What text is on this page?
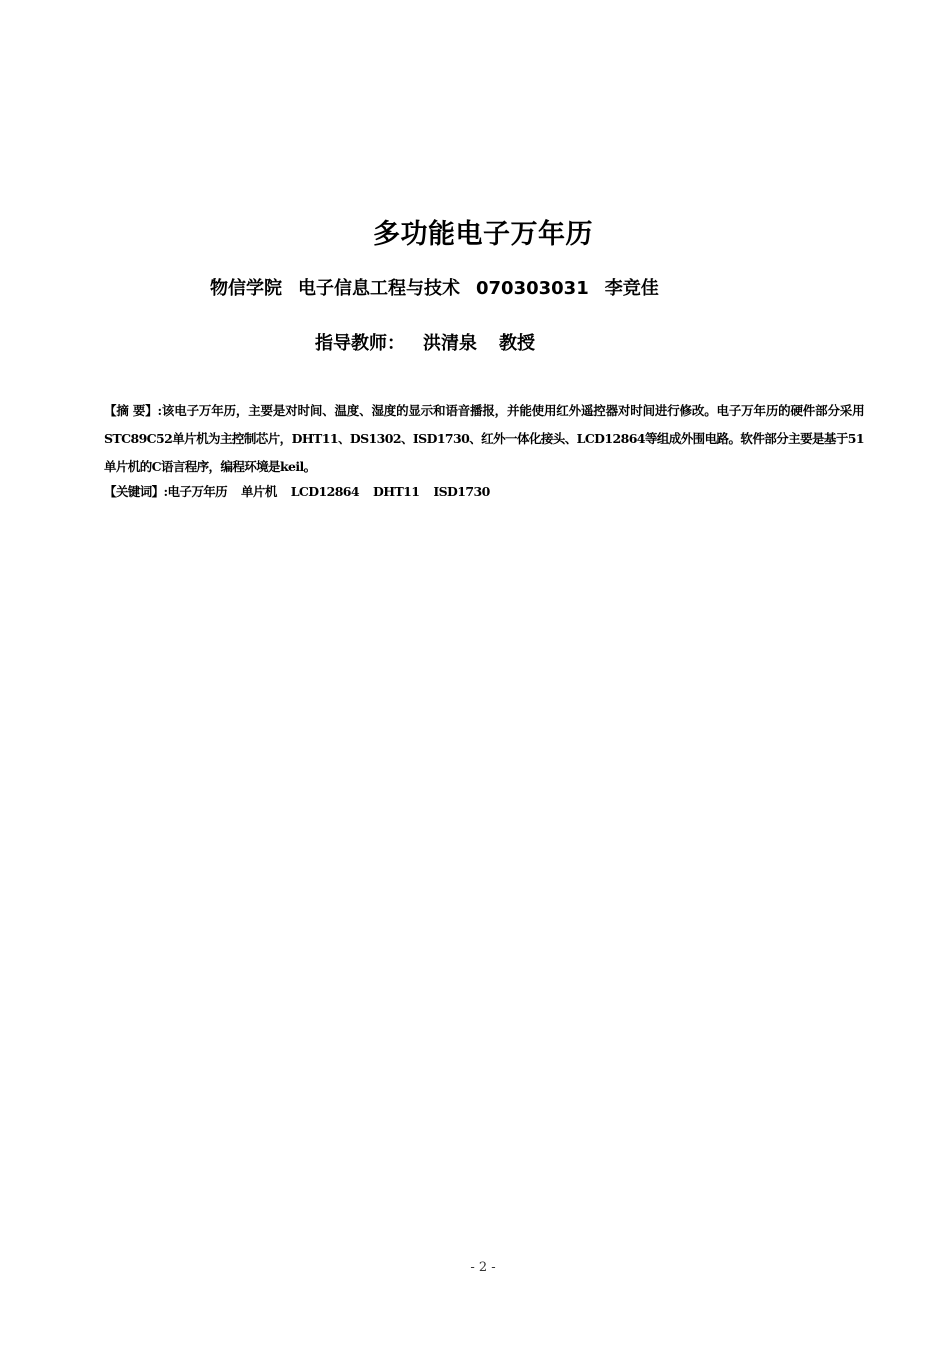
多功能电子万年历
物信学院 电子信息工程与技术 070303031 李竞佳
指导教师： 洪清泉 教授
【摘 要】:该电子万年历，主要是对时间、温度、湿度的显示和语音播报，并能使用红外遥控器对时间进行修改。电子万年历的硬件部分采用STC89C52单片机为主控制芯片，DHT11、DS1302、ISD1730、红外一体化接头、LCD12864等组成外围电路。软件部分主要是基于51单片机的C语言程序，编程环境是keil。
【关键词】:电子万年历 单片机 LCD12864 DHT11 ISD1730
- 2 -
